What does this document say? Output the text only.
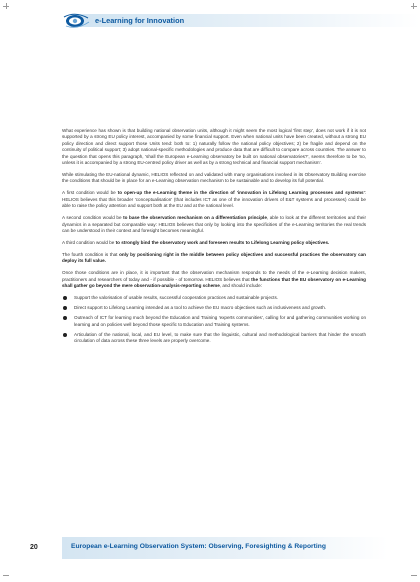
e-Learning for Innovation

What experience has shown is that building national observation units, although it might seem the most logical 'first step', does not work if it is not supported by a strong EU policy interest, accompanied by some financial support. Even when national units have been created, without a strong EU policy direction and direct support those Units tend: both to: 1) naturally follow the national policy objectives; 2) be fragile and depend on the continuity of political support; 3) adopt national-specific methodologies and produce data that are difficult to compare across countries. The answer to the question that opens this paragraph, 'shall the European e-Learning observatory be built on national observatories?', seems therefore to be 'no, unless it is accompanied by a strong EU-centred policy driver as well as by a strong technical and financial support mechanism'.

While stimulating the EU-national dynamic, HELIOS reflected on and validated with many organisations involved in its Observatory Building exercise the conditions that should be in place for an e-Learning observation mechanism to be sustainable and to develop its full potential.

A first condition would be to open-up the e-Learning theme in the direction of 'innovation in Lifelong Learning processes and systems': HELIOS believes that this broader 'conceptualisation' (that includes ICT as one of the innovation drivers of E&T systems and processes) could be able to raise the policy attention and support both at the EU and at the national level.

A second condition would be to base the observation mechanism on a differentiation principle, able to look at the different territories and their dynamics in a separated but comparable way: HELIOS believes that only by looking into the specificities of the e-Learning territories the real trends can be understood in their context and foresight becomes meaningful.

A third condition would be to strongly bind the observatory work and foreseen results to Lifelong Learning policy objectives.

The fourth condition is that only by positioning right in the middle between policy objectives and successful practices the observatory can deploy its full value.

Once those conditions are in place, it is important that the observation mechanism responds to the needs of the e-Learning decision makers, practitioners and researchers of today and - if possible - of tomorrow. HELIOS believes that the functions that the EU observatory on e-Learning shall gather go beyond the mere observation-analysis-reporting scheme, and should include:

Support the valorisation of usable results, successful cooperation practices and sustainable projects.
Direct support to Lifelong Learning intended as a tool to achieve the EU macro objectives such as inclusiveness and growth.
Outreach of ICT for learning much beyond the Education and Training 'experts communities', calling for and gathering communities working on learning and on policies well beyond those specific to Education and Training systems.
Articulation of the national, local, and EU level, to make sure that the linguistic, cultural and methodological barriers that hinder the smooth circulation of data across these three levels are properly overcome.
20	European e-Learning Observation System: Observing, Foresighting & Reporting
